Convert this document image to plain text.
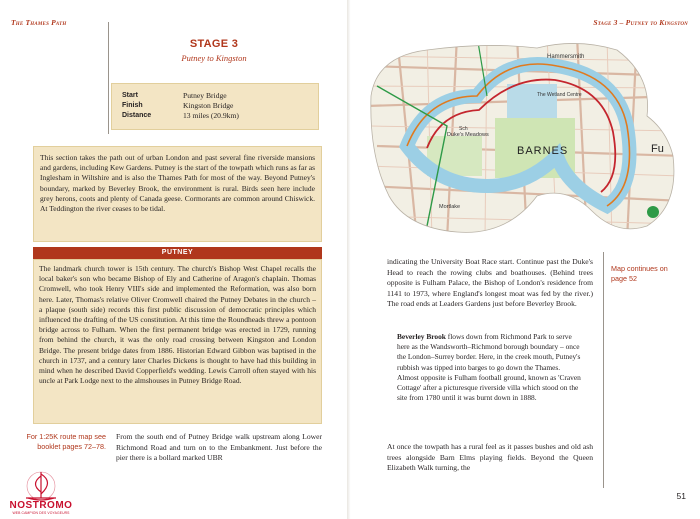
The Thames Path
STAGE 3
Putney to Kingston
Start	Putney Bridge
Finish	Kingston Bridge
Distance	13 miles (20.9km)
This section takes the path out of urban London and past several fine riverside mansions and gardens, including Kew Gardens. Putney is the start of the towpath which runs as far as Inglesham in Wiltshire and is also the Thames Path for most of the way. Beyond Putney's boundary, marked by Beverley Brook, the environment is rural. Birds seen here include grey herons, coots and plenty of Canada geese. Cormorants are common around Chiswick. At Teddington the river ceases to be tidal.
PUTNEY
The landmark church tower is 15th century. The church's Bishop West Chapel recalls the local baker's son who became Bishop of Ely and Catherine of Aragon's chaplain. Thomas Cromwell, who took Henry VIII's side and implemented the Reformation, was also born here. Later, Thomas's relative Oliver Cromwell chaired the Putney Debates in the church – a plaque (south side) records this first public discussion of democratic principles which influenced the drafting of the US constitution. At this time the Roundheads threw a pontoon bridge across to Fulham. When the first permanent bridge was erected in 1729, running from behind the church, it was the only road crossing between Kingston and London Bridge. The present bridge dates from 1886. Historian Edward Gibbon was baptised in the church in 1737, and a century later Charles Dickens is thought to have had this building in mind when he described David Copperfield's wedding. Lewis Carroll often stayed with his uncle at Park Lodge next to the almshouses in Putney Bridge Road.
For 1:25K route map see booklet pages 72–78.
From the south end of Putney Bridge walk upstream along Lower Richmond Road and turn on to the Embankment. Just before the pier there is a bollard marked UBR
NOSTROMO
WEB CAMPION DES VOYAGEURS
Stage 3 – Putney to Kingston
Hammersmith
BARNES
The Wetland Centre
Duke's Meadows
Mortlake
Sch
Fu
indicating the University Boat Race start. Continue past the Duke's Head to reach the rowing clubs and boathouses. (Behind trees opposite is Fulham Palace, the Bishop of London's residence from 1141 to 1973, where England's longest moat was fed by the river.) The road ends at Leaders Gardens just before Beverley Brook.
Map continues on page 52
Beverley Brook flows down from Richmond Park to serve here as the Wandsworth–Richmond borough boundary – once the London–Surrey border. Here, in the creek mouth, Putney's rubbish was tipped into barges to go down the Thames. Almost opposite is Fulham football ground, known as 'Craven Cottage' after a picturesque riverside villa which stood on the site from 1780 until it was burnt down in 1888.
At once the towpath has a rural feel as it passes bushes and old ash trees alongside Barn Elms playing fields. Beyond the Queen Elizabeth Walk turning, the
51
